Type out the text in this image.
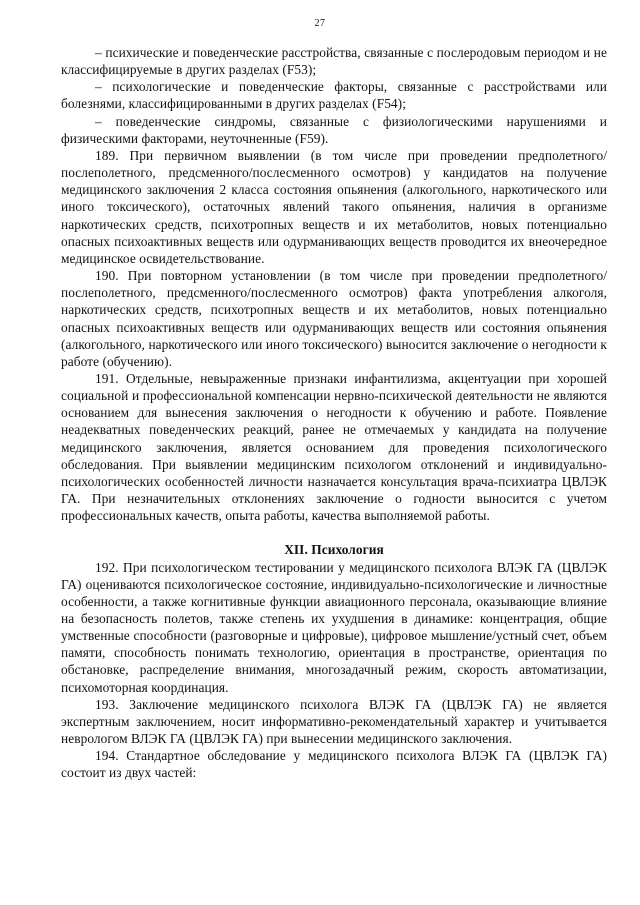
27

– психические и поведенческие расстройства, связанные с послеродовым периодом и не классифицируемые в других разделах (F53);

– психологические и поведенческие факторы, связанные с расстройствами или болезнями, классифицированными в других разделах (F54);

– поведенческие синдромы, связанные с физиологическими нарушениями и физическими факторами, неуточненные (F59).

189. При первичном выявлении (в том числе при проведении предполетного/послеполетного, предсменного/послесменного осмотров) у кандидатов на получение медицинского заключения 2 класса состояния опьянения (алкогольного, наркотического или иного токсического), остаточных явлений такого опьянения, наличия в организме наркотических средств, психотропных веществ и их метаболитов, новых потенциально опасных психоактивных веществ или одурманивающих веществ проводится их внеочередное медицинское освидетельствование.

190. При повторном установлении (в том числе при проведении предполетного/послеполетного, предсменного/послесменного осмотров) факта употребления алкоголя, наркотических средств, психотропных веществ и их метаболитов, новых потенциально опасных психоактивных веществ или одурманивающих веществ или состояния опьянения (алкогольного, наркотического или иного токсического) выносится заключение о негодности к работе (обучению).

191. Отдельные, невыраженные признаки инфантилизма, акцентуации при хорошей социальной и профессиональной компенсации нервно-психической деятельности не являются основанием для вынесения заключения о негодности к обучению и работе. Появление неадекватных поведенческих реакций, ранее не отмечаемых у кандидата на получение медицинского заключения, является основанием для проведения психологического обследования. При выявлении медицинским психологом отклонений и индивидуально-психологических особенностей личности назначается консультация врача-психиатра ЦВЛЭК ГА. При незначительных отклонениях заключение о годности выносится с учетом профессиональных качеств, опыта работы, качества выполняемой работы.

XII. Психология

192. При психологическом тестировании у медицинского психолога ВЛЭК ГА (ЦВЛЭК ГА) оцениваются психологическое состояние, индивидуально-психологические и личностные особенности, а также когнитивные функции авиационного персонала, оказывающие влияние на безопасность полетов, также степень их ухудшения в динамике: концентрация, общие умственные способности (разговорные и цифровые), цифровое мышление/устный счет, объем памяти, способность понимать технологию, ориентация в пространстве, ориентация по обстановке, распределение внимания, многозадачный режим, скорость автоматизации, психомоторная координация.

193. Заключение медицинского психолога ВЛЭК ГА (ЦВЛЭК ГА) не является экспертным заключением, носит информативно-рекомендательный характер и учитывается неврологом ВЛЭК ГА (ЦВЛЭК ГА) при вынесении медицинского заключения.

194. Стандартное обследование у медицинского психолога ВЛЭК ГА (ЦВЛЭК ГА) состоит из двух частей:
